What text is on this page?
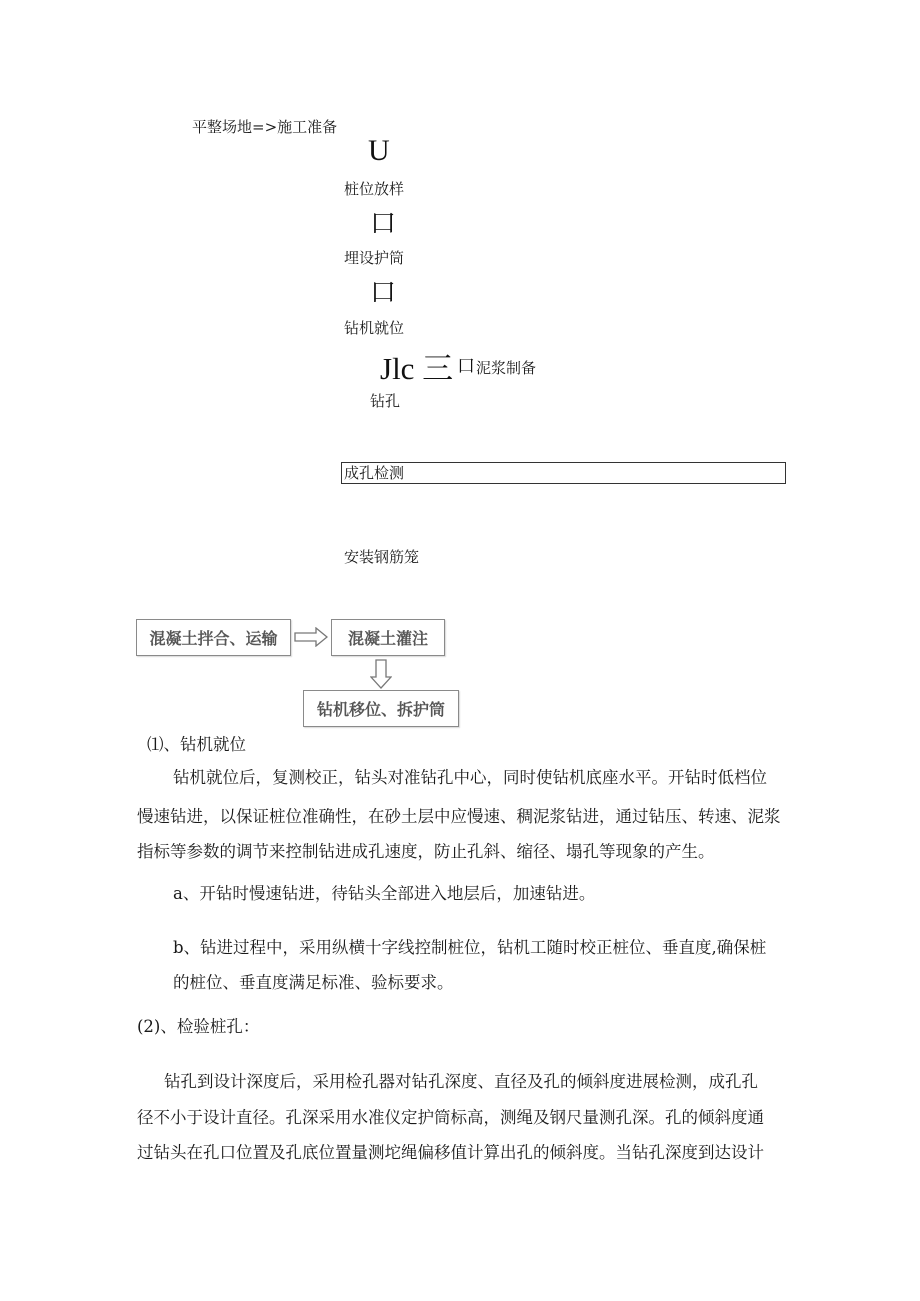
平整场地=>施工准备
U
桩位放样
口
埋设护筒
口
钻机就位
Jlc 三 口 泥浆制备
钻孔
成孔检测
安装钢筋笼
混凝土拌合、运输	混凝土灌注
钻机移位、拆护筒
⑴、钻机就位
钻机就位后，复测校正，钻头对准钻孔中心，同时使钻机底座水平。开钻时低档位
慢速钻进，以保证桩位准确性，在砂土层中应慢速、稠泥浆钻进，通过钻压、转速、泥浆
指标等参数的调节来控制钻进成孔速度，防止孔斜、缩径、塌孔等现象的产生。
a、开钻时慢速钻进，待钻头全部进入地层后，加速钻进。
b、钻进过程中，采用纵横十字线控制桩位，钻机工随时校正桩位、垂直度,确保桩
的桩位、垂直度满足标准、验标要求。
(2)、检验桩孔：
钻孔到设计深度后，采用检孔器对钻孔深度、直径及孔的倾斜度进展检测，成孔孔
径不小于设计直径。孔深采用水准仪定护筒标高，测绳及钢尺量测孔深。孔的倾斜度通
过钻头在孔口位置及孔底位置量测坨绳偏移值计算出孔的倾斜度。当钻孔深度到达设计
